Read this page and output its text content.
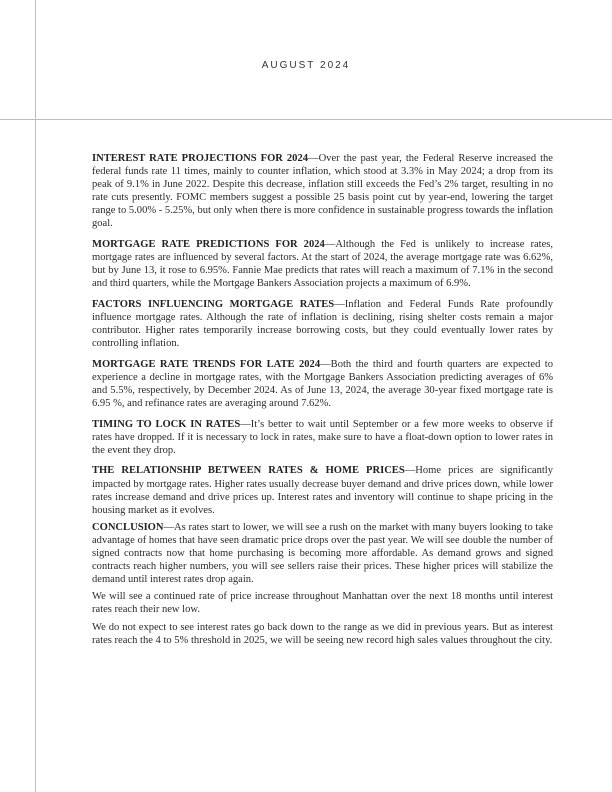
AUGUST 2024

INTEREST RATE PROJECTIONS FOR 2024—Over the past year, the Federal Reserve increased the federal funds rate 11 times, mainly to counter inflation, which stood at 3.3% in May 2024; a drop from its peak of 9.1% in June 2022. Despite this decrease, inflation still exceeds the Fed’s 2% target, resulting in no rate cuts presently. FOMC members suggest a possible 25 basis point cut by year-end, lowering the target range to 5.00% - 5.25%, but only when there is more confidence in sustainable progress towards the inflation goal.

MORTGAGE RATE PREDICTIONS FOR 2024—Although the Fed is unlikely to increase rates, mortgage rates are influenced by several factors. At the start of 2024, the average mortgage rate was 6.62%, but by June 13, it rose to 6.95%. Fannie Mae predicts that rates will reach a maximum of 7.1% in the second and third quarters, while the Mortgage Bankers Association projects a maximum of 6.9%.

FACTORS INFLUENCING MORTGAGE RATES—Inflation and Federal Funds Rate profoundly influence mortgage rates. Although the rate of inflation is declining, rising shelter costs remain a major contributor. Higher rates temporarily increase borrowing costs, but they could eventually lower rates by controlling inflation.

MORTGAGE RATE TRENDS FOR LATE 2024—Both the third and fourth quarters are expected to experience a decline in mortgage rates, with the Mortgage Bankers Association predicting averages of 6% and 5.5%, respectively, by December 2024. As of June 13, 2024, the average 30-year fixed mortgage rate is 6.95 %, and refinance rates are averaging around 7.62%.

TIMING TO LOCK IN RATES—It’s better to wait until September or a few more weeks to observe if rates have dropped. If it is necessary to lock in rates, make sure to have a float-down option to lower rates in the event they drop.

THE RELATIONSHIP BETWEEN RATES & HOME PRICES—Home prices are significantly impacted by mortgage rates. Higher rates usually decrease buyer demand and drive prices down, while lower rates increase demand and drive prices up. Interest rates and inventory will continue to shape pricing in the housing market as it evolves.

CONCLUSION—As rates start to lower, we will see a rush on the market with many buyers looking to take advantage of homes that have seen dramatic price drops over the past year. We will see double the number of signed contracts now that home purchasing is becoming more affordable. As demand grows and signed contracts reach higher numbers, you will see sellers raise their prices. These higher prices will stabilize the demand until interest rates drop again.

We will see a continued rate of price increase throughout Manhattan over the next 18 months until interest rates reach their new low.

We do not expect to see interest rates go back down to the range as we did in previous years. But as interest rates reach the 4 to 5% threshold in 2025, we will be seeing new record high sales values throughout the city.
